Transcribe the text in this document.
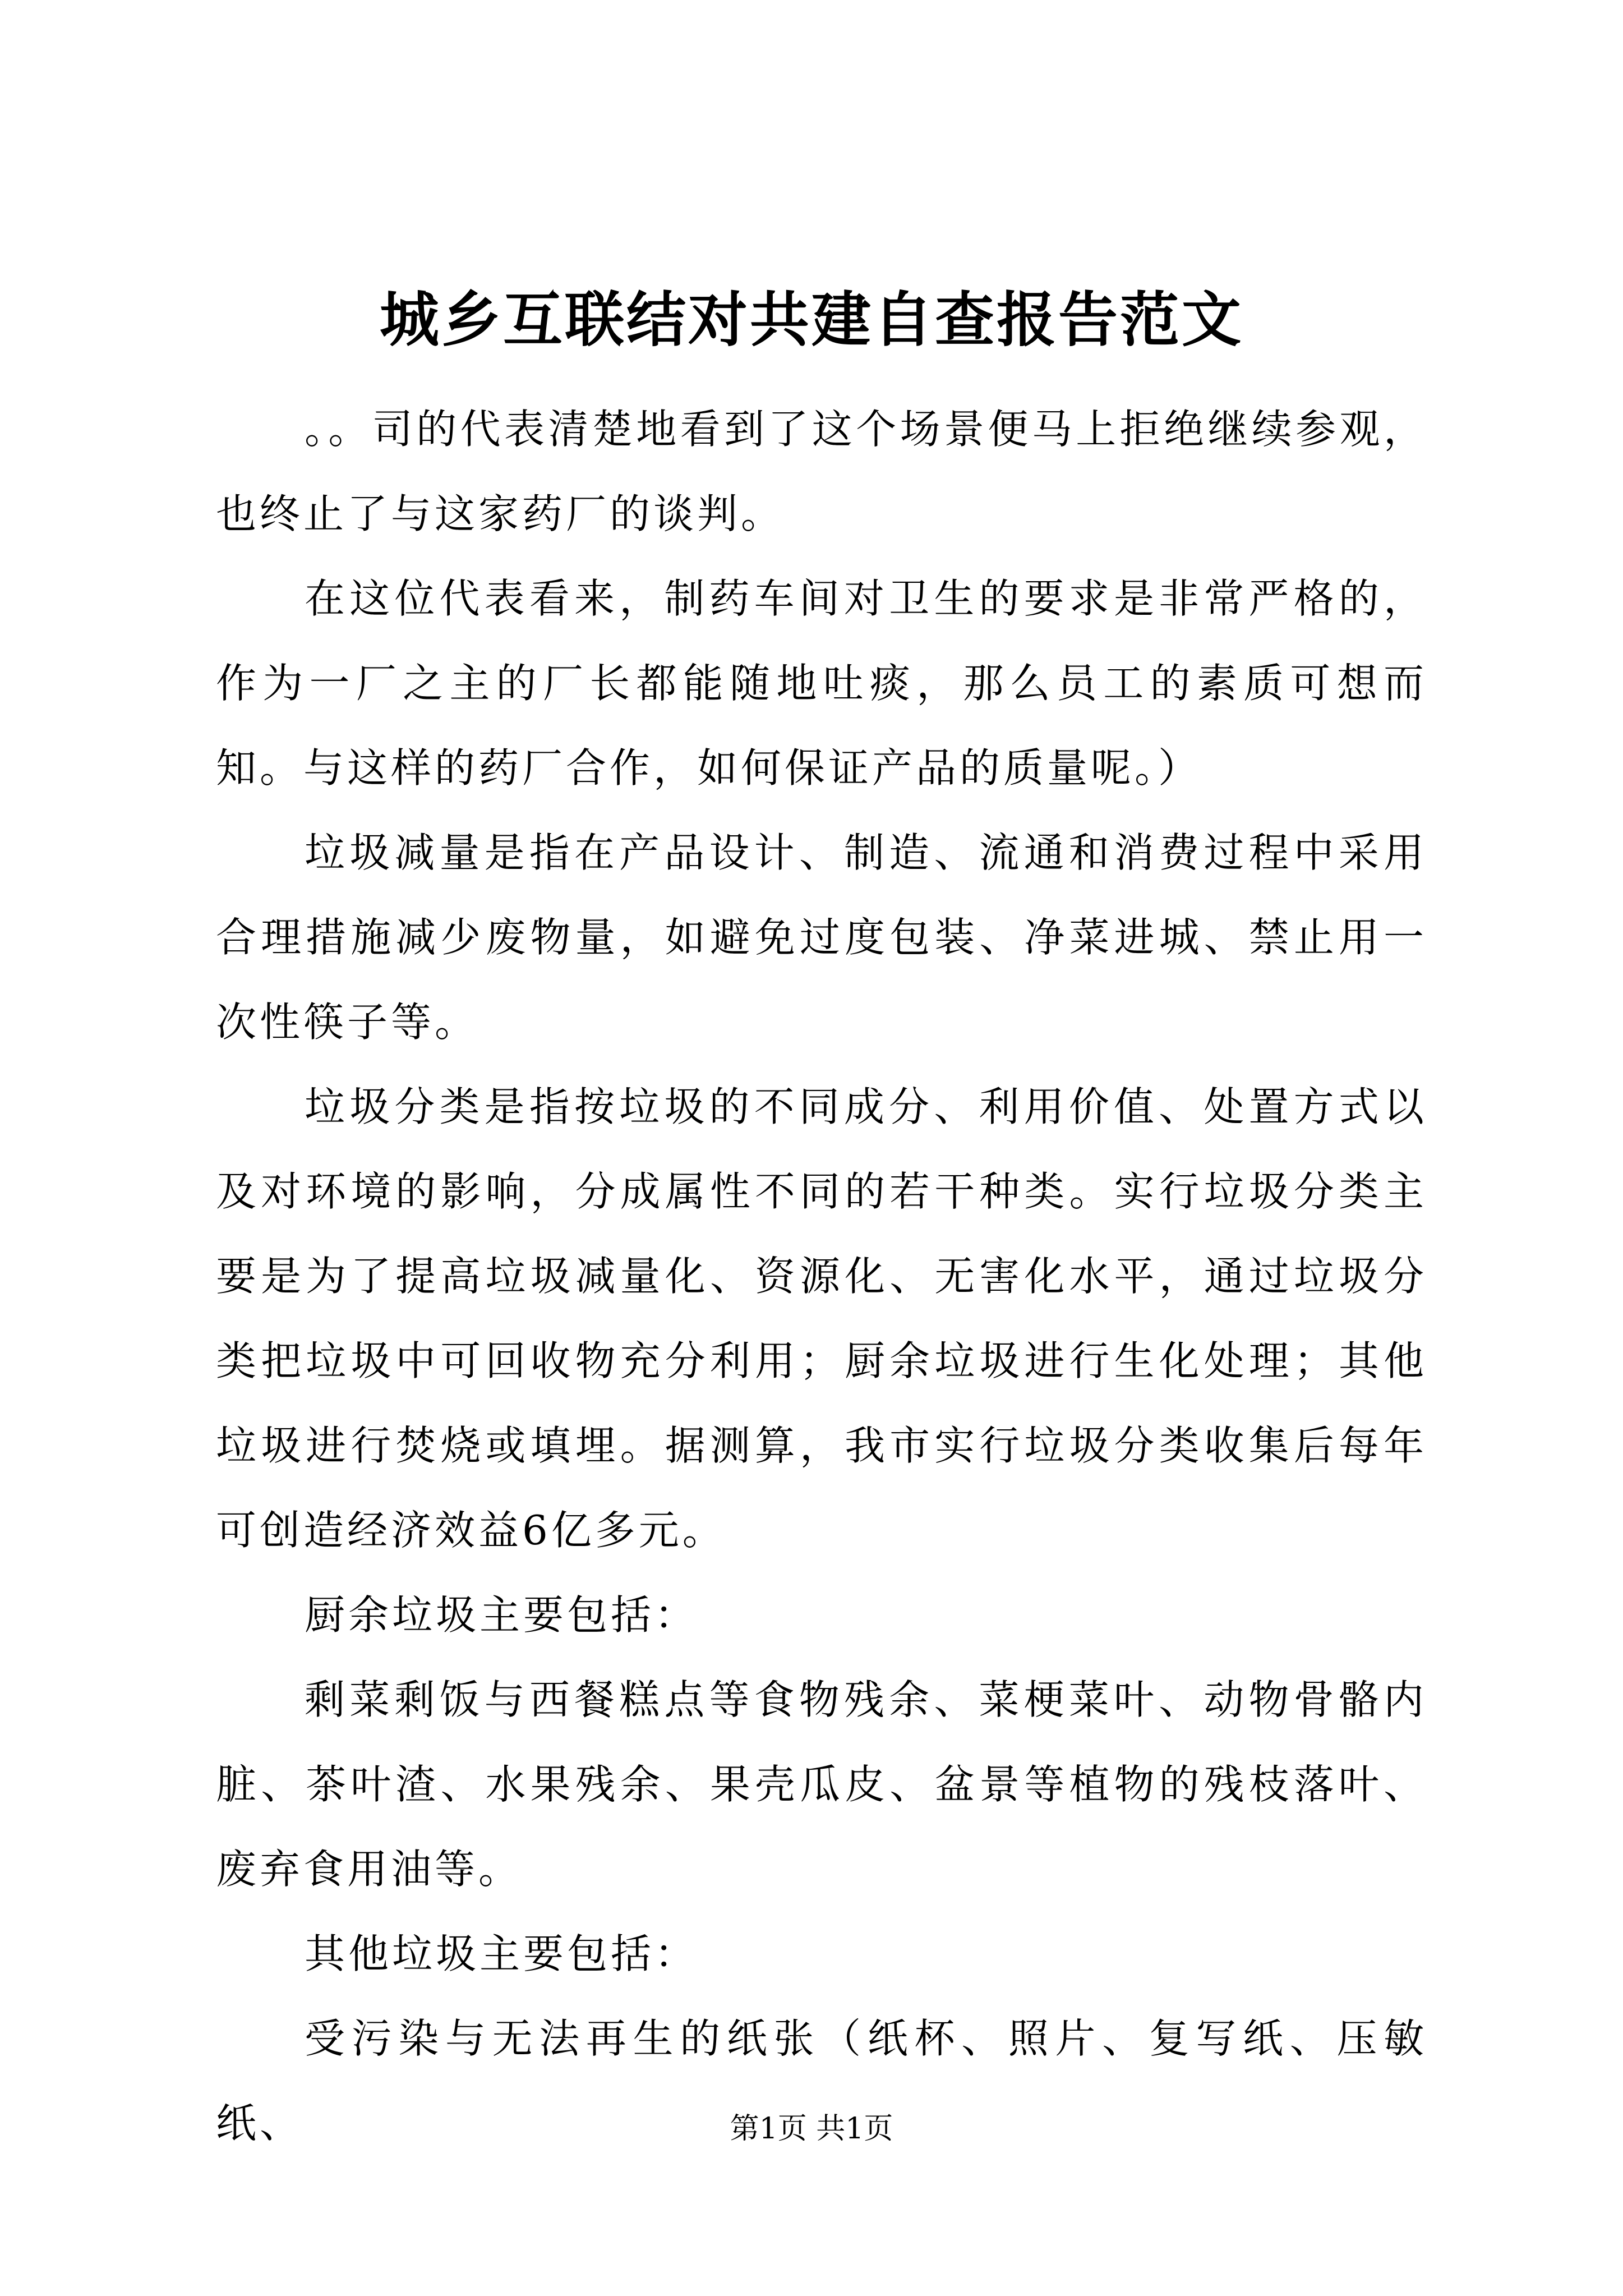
城乡互联结对共建自查报告范文

。。司的代表清楚地看到了这个场景便马上拒绝继续参观，也终止了与这家药厂的谈判。

在这位代表看来，制药车间对卫生的要求是非常严格的，作为一厂之主的厂长都能随地吐痰，那么员工的素质可想而知。与这样的药厂合作，如何保证产品的质量呢。）

垃圾减量是指在产品设计、制造、流通和消费过程中采用合理措施减少废物量，如避免过度包装、净菜进城、禁止用一次性筷子等。

垃圾分类是指按垃圾的不同成分、利用价值、处置方式以及对环境的影响，分成属性不同的若干种类。实行垃圾分类主要是为了提高垃圾减量化、资源化、无害化水平，通过垃圾分类把垃圾中可回收物充分利用；厨余垃圾进行生化处理；其他垃圾进行焚烧或填埋。据测算，我市实行垃圾分类收集后每年可创造经济效益6亿多元。

厨余垃圾主要包括：

剩菜剩饭与西餐糕点等食物残余、菜梗菜叶、动物骨骼内脏、茶叶渣、水果残余、果壳瓜皮、盆景等植物的残枝落叶、废弃食用油等。

其他垃圾主要包括：

受污染与无法再生的纸张（纸杯、照片、复写纸、压敏纸、	第1页 共1页
